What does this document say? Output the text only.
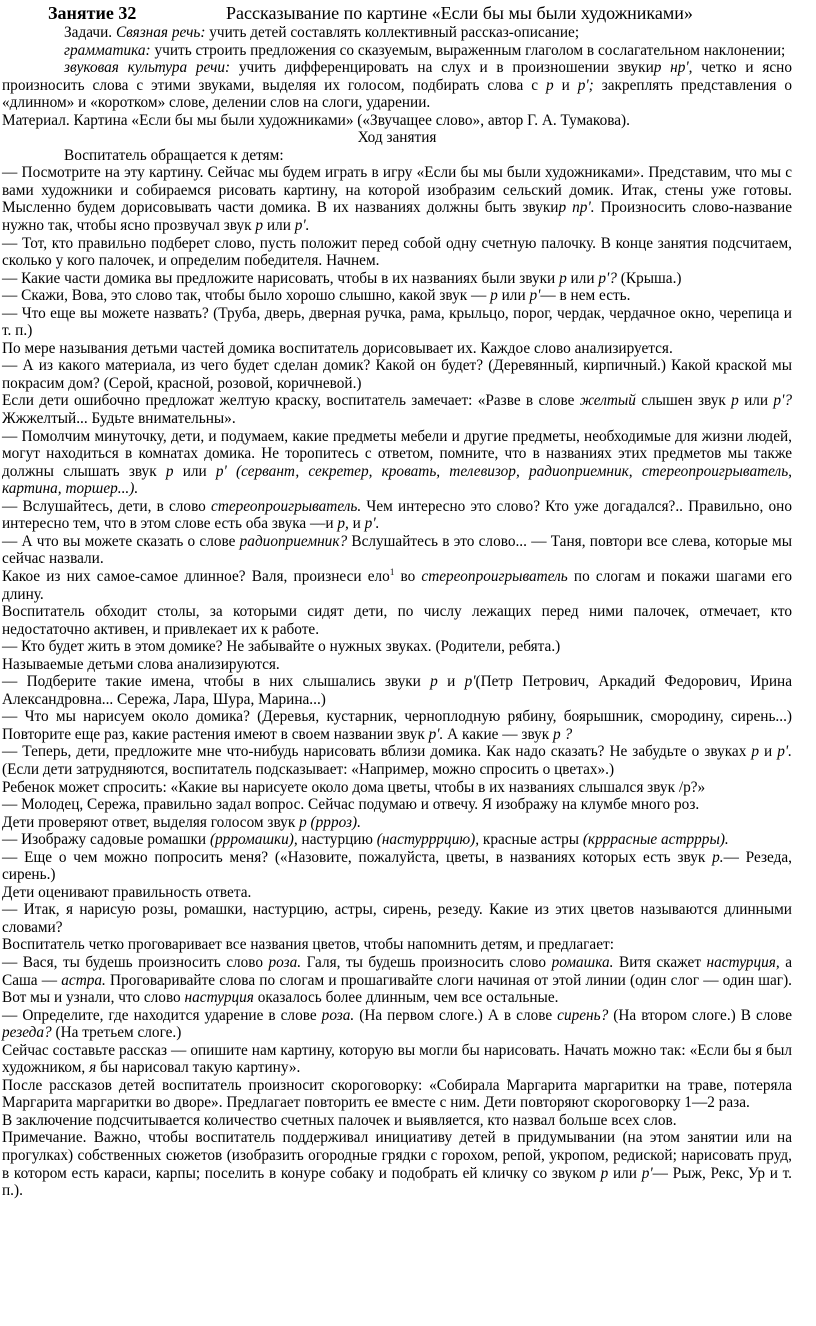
Занятие 32	Рассказывание по картине «Если бы мы были художниками»

Задачи. Связная речь: учить детей составлять коллективный рассказ-описание;

грамматика: учить строить предложения со сказуемым, выраженным глаголом в сослагательном наклонении;

звуковая культура речи: учить дифференцировать на слух и в произношении звукир нр', четко и ясно произносить слова с этими звуками, выделяя их голосом, подбирать слова с р и р'; закреплять представления о «длинном» и «коротком» слове, делении слов на слоги, ударении.

Материал. Картина «Если бы мы были художниками» («Звучащее слово», автор Г. А. Тумакова).

Ход занятия

Воспитатель обращается к детям:

— Посмотрите на эту картину. Сейчас мы будем играть в игру «Если бы мы были художниками». Представим, что мы с вами художники и собираемся рисовать картину, на которой изобразим сельский домик. Итак, стены уже готовы. Мысленно будем дорисовывать части домика. В их названиях должны быть звукир пр'. Произносить слово-название нужно так, чтобы ясно прозвучал звук р или р'.

— Тот, кто правильно подберет слово, пусть положит перед собой одну счетную палочку. В конце занятия подсчитаем, сколько у кого палочек, и определим победителя. Начнем.

— Какие части домика вы предложите нарисовать, чтобы в их названиях были звуки р или р'? (Крыша.)

— Скажи, Вова, это слово так, чтобы было хорошо слышно, какой звук — р или р'— в нем есть.

— Что еще вы можете назвать? (Труба, дверь, дверная ручка, рама, крыльцо, порог, чердак, чердачное окно, черепица и т. п.)

По мере называния детьми частей домика воспитатель дорисовывает их. Каждое слово анализируется.

— А из какого материала, из чего будет сделан домик? Какой он будет? (Деревянный, кирпичный.) Какой краской мы покрасим дом? (Серой, красной, розовой, коричневой.)

Если дети ошибочно предложат желтую краску, воспитатель замечает: «Разве в слове желтый слышен звук р или р'? Жжжелтый... Будьте внимательны».

— Помолчим минуточку, дети, и подумаем, какие предметы мебели и другие предметы, необходимые для жизни людей, могут находиться в комнатах домика. Не торопитесь с ответом, помните, что в названиях этих предметов мы также должны слышать звук р или р' (сервант, секретер, кровать, телевизор, радиоприемник, стереопроигрыватель, картина, торшер...).

— Вслушайтесь, дети, в слово стереопроигрыватель. Чем интересно это слово? Кто уже догадался?.. Правильно, оно интересно тем, что в этом слове есть оба звука —и р, и р'.

— А что вы можете сказать о слове радиоприемник? Вслушайтесь в это слово... — Таня, повтори все слева, которые мы сейчас назвали.

Какое из них самое-самое длинное? Валя, произнеси ело$^1$ во стереопроигрыватель по слогам и покажи шагами его длину.

Воспитатель обходит столы, за которыми сидят дети, по числу лежащих перед ними палочек, отмечает, кто недостаточно активен, и привлекает их к работе.

— Кто будет жить в этом домике? Не забывайте о нужных звуках. (Родители, ребята.)

Называемые детьми слова анализируются.

— Подберите такие имена, чтобы в них слышались звуки р и р'(Петр Петрович, Аркадий Федорович, Ирина Александровна... Сережа, Лара, Шура, Марина...)

— Что мы нарисуем около домика? (Деревья, кустарник, черноплодную рябину, боярышник, смородину, сирень...) Повторите еще раз, какие растения имеют в своем названии звук р'. А какие — звук р ?

— Теперь, дети, предложите мне что-нибудь нарисовать вблизи домика. Как надо сказать? Не забудьте о звуках р и р'. (Если дети затрудняются, воспитатель подсказывает: «Например, можно спросить о цветах».)

Ребенок может спросить: «Какие вы нарисуете около дома цветы, чтобы в их названиях слышался звук /р?»

— Молодец, Сережа, правильно задал вопрос. Сейчас подумаю и отвечу. Я изображу на клумбе много роз.

Дети проверяют ответ, выделяя голосом звук р (ррроз).

— Изображу садовые ромашки (ррромашки), настурцию (настурррцию), красные астры (кррраcные астррры).

— Еще о чем можно попросить меня? («Назовите, пожалуйста, цветы, в названиях которых есть звук р.— Резеда, сирень.)

Дети оценивают правильность ответа.

— Итак, я нарисую розы, ромашки, настурцию, астры, сирень, резеду. Какие из этих цветов называются длинными словами?

Воспитатель четко проговаривает все названия цветов, чтобы напомнить детям, и предлагает:

— Вася, ты будешь произносить слово роза. Галя, ты будешь произносить слово ромашка. Витя скажет настурция, а Саша — астра. Проговаривайте слова по слогам и прошагивайте слоги начиная от этой линии (один слог — один шаг). Вот мы и узнали, что слово настурция оказалось более длинным, чем все остальные.

— Определите, где находится ударение в слове роза. (На первом слоге.) А в слове сирень? (На втором слоге.) В слове резеда? (На третьем слоге.)

Сейчас составьте рассказ — опишите нам картину, которую вы могли бы нарисовать. Начать можно так: «Если бы я был художником, я бы нарисовал такую картину».

После рассказов детей воспитатель произносит скороговорку: «Собирала Маргарита маргаритки на траве, потеряла Маргарита маргаритки во дворе». Предлагает повторить ее вместе с ним. Дети повторяют скороговорку 1—2 раза.

В заключение подсчитывается количество счетных палочек и выявляется, кто назвал больше всех слов.

Примечание. Важно, чтобы воспитатель поддерживал инициативу детей в придумывании (на этом занятии или на прогулках) собственных сюжетов (изобразить огородные грядки с горохом, репой, укропом, редиской; нарисовать пруд, в котором есть караси, карпы; поселить в конуре собаку и подобрать ей кличку со звуком р или р'— Рыж, Рекс, Ур и т. п.).
